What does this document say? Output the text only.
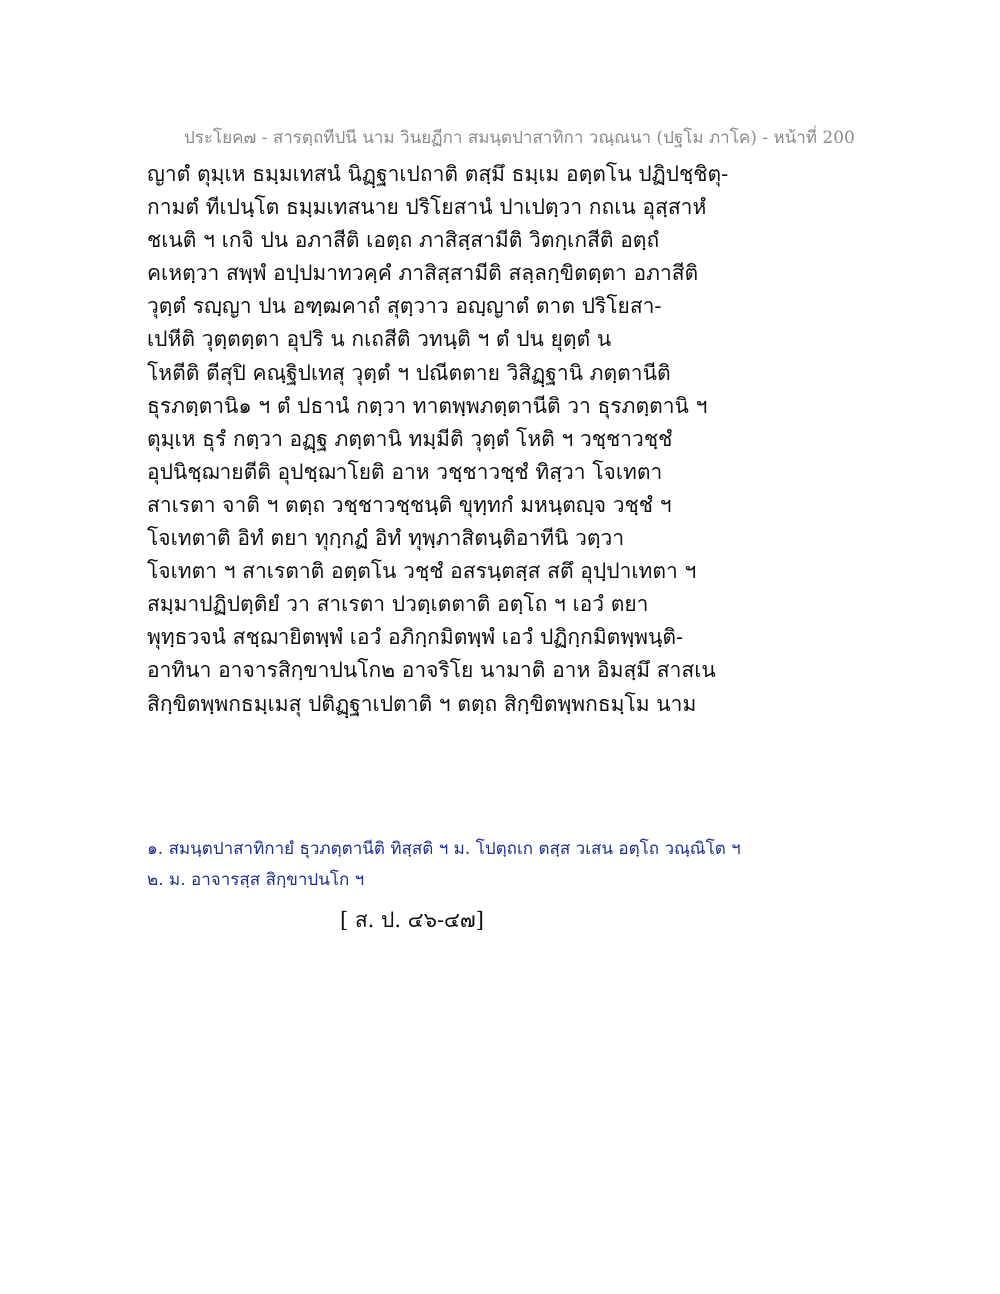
ประโยค๗ - สารตฺถทีปนี นาม วินยฏีกา สมนฺตปาสาทิกา วณฺณนา (ปฐโม ภาโค) - หน้าที่ 200
ญาตํ ตุมฺเห ธมฺมเทสนํ นิฏฺฐาเปถาติ ตสฺมึ ธมฺเม อตฺตโน ปฏิปชฺชิตุ-
กามตํ ทีเปนฺโต ธมฺมเทสนาย ปริโยสานํ ปาเปตฺวา กถเน อุสฺสาหํ
ชเนติ ฯ เกจิ ปน อภาสีติ เอตฺถ ภาสิสฺสามีติ วิตกฺเกสีติ อตฺถํ
คเหตฺวา สพฺพํ อปฺปมาทวคฺคํ ภาสิสฺสามีติ สลฺลกฺขิตตฺตา อภาสีติ
วุตฺตํ รญฺญา ปน อฑฺฒคาถํ สุตฺวาว อญฺญาตํ ตาต ปริโยสา-
เปหีติ วุตฺตตฺตา อุปริ น กเถสีติ วทนฺติ ฯ ตํ ปน ยุตฺตํ น
โหตีติ ตีสุปิ คณฺฐิปเทสุ วุตฺตํ ฯ ปณีตตาย วิสิฏฺฐานิ ภตฺตานีติ
ธุรภตฺตานิ๑ ฯ ตํ ปธานํ กตฺวา ทาตพฺพภตฺตานีติ วา ธุรภตฺตานิ ฯ
ตุมฺเห ธุรํ กตฺวา อฏฺฐ ภตฺตานิ ทมฺมีติ วุตฺตํ โหติ ฯ วชฺชาวชฺชํ
อุปนิชฺฌายตีติ อุปชฺฌาโยติ อาห วชฺชาวชฺชํ ทิสฺวา โจเทตา
สาเรตา จาติ ฯ ตตฺถ วชฺชาวชฺชนฺติ ขุทฺทกํ มหนฺตญฺจ วชฺชํ ฯ
โจเทตาติ อิทํ ตยา ทุกฺกฏํ อิทํ ทุพฺภาสิตนฺติอาทีนิ วตฺวา
โจเทตา ฯ สาเรตาติ อตฺตโน วชฺชํ อสรนฺตสฺส สตึ อุปฺปาเทตา ฯ
สมฺมาปฏิปตฺติยํ วา สาเรตา ปวตฺเตตาติ อตฺโถ ฯ เอวํ ตยา
พุทฺธวจนํ สชฺฌายิตพฺพํ เอวํ อภิกฺกมิตพฺพํ เอวํ ปฏิกฺกมิตพฺพนฺติ-
อาทินา อาจารสิกฺขาปนโก๒ อาจริโย นามาติ อาห อิมสฺมึ สาสเน
สิกฺขิตพฺพกธมฺเมสุ ปติฏฺฐาเปตาติ ฯ ตตฺถ สิกฺขิตพฺพกธมฺโม นาม
๑. สมนฺตปาสาทิกายํ ธุวภตฺตานีติ ทิสฺสติ ฯ ม. โปตฺถเก ตสฺส วเสน อตฺโถ วณฺณิโต ฯ
๒. ม. อาจารสฺส สิกฺขาปนโก ฯ
[ ส. ป. ๔๖-๔๗]
